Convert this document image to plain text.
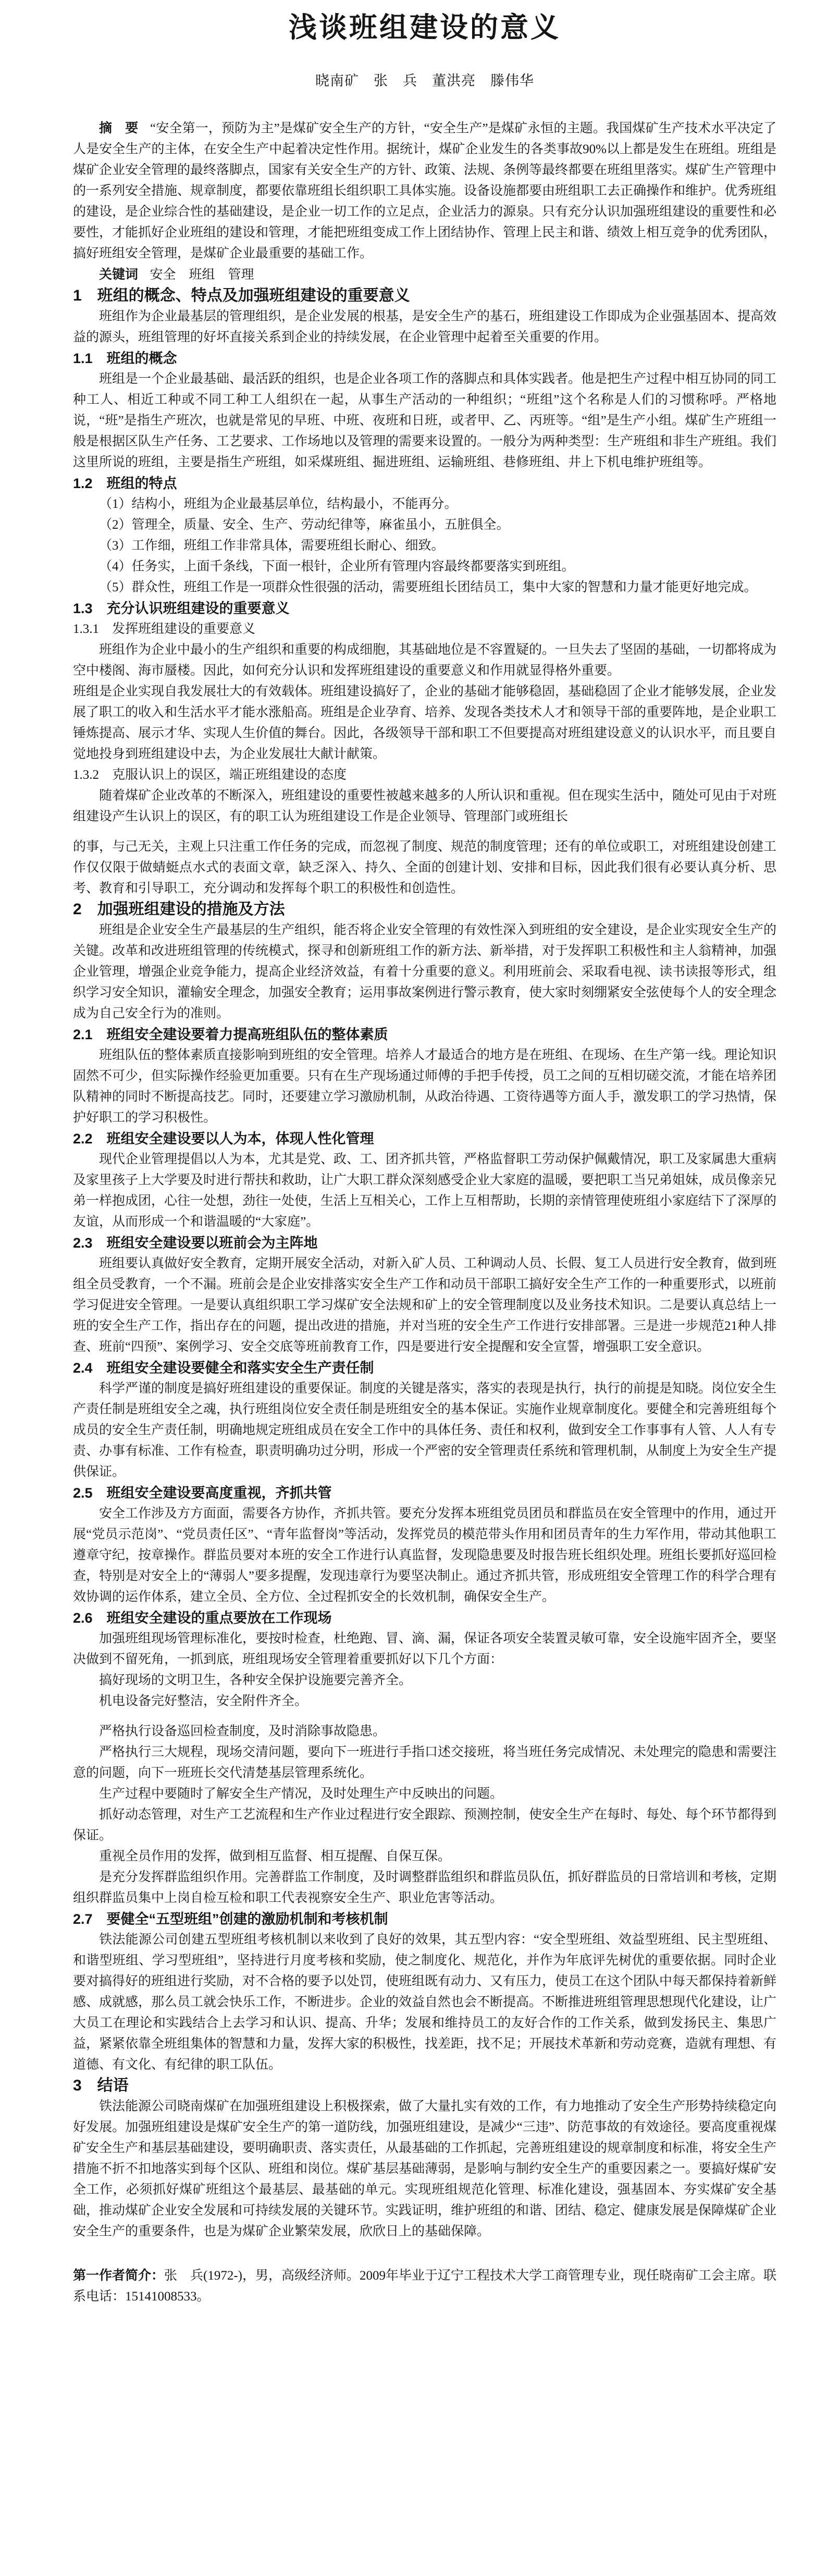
浅谈班组建设的意义
晓南矿　张　兵　董洪亮　滕伟华

摘　要 “安全第一，预防为主”是煤矿安全生产的方针，“安全生产”是煤矿永恒的主题。我国煤矿生产技术水平决定了人是安全生产的主体，在安全生产中起着决定性作用。据统计，煤矿企业发生的各类事故90%以上都是发生在班组。班组是煤矿企业安全管理的最终落脚点，国家有关安全生产的方针、政策、法规、条例等最终都要在班组里落实。煤矿生产管理中的一系列安全措施、规章制度，都要依靠班组长组织职工具体实施。设备设施都要由班组职工去正确操作和维护。优秀班组的建设，是企业综合性的基础建设，是企业一切工作的立足点，企业活力的源泉。只有充分认识加强班组建设的重要性和必要性，才能抓好企业班组的建设和管理，才能把班组变成工作上团结协作、管理上民主和谐、绩效上相互竞争的优秀团队，搞好班组安全管理，是煤矿企业最重要的基础工作。

关键词 安全　班组　管理

1　班组的概念、特点及加强班组建设的重要意义

班组作为企业最基层的管理组织，是企业发展的根基，是安全生产的基石，班组建设工作即成为企业强基固本、提高效益的源头，班组管理的好坏直接关系到企业的持续发展，在企业管理中起着至关重要的作用。

1.1　班组的概念

班组是一个企业最基础、最活跃的组织，也是企业各项工作的落脚点和具体实践者。他是把生产过程中相互协同的同工种工人、相近工种或不同工种工人组织在一起，从事生产活动的一种组织；“班组”这个名称是人们的习惯称呼。严格地说，“班”是指生产班次，也就是常见的早班、中班、夜班和日班，或者甲、乙、丙班等。“组”是生产小组。煤矿生产班组一般是根据区队生产任务、工艺要求、工作场地以及管理的需要来设置的。一般分为两种类型：生产班组和非生产班组。我们这里所说的班组，主要是指生产班组，如采煤班组、掘进班组、运输班组、巷修班组、井上下机电维护班组等。

1.2　班组的特点

（1）结构小，班组为企业最基层单位，结构最小，不能再分。

（2）管理全，质量、安全、生产、劳动纪律等，麻雀虽小，五脏俱全。

（3）工作细，班组工作非常具体，需要班组长耐心、细致。

（4）任务实，上面千条线，下面一根针，企业所有管理内容最终都要落实到班组。

（5）群众性，班组工作是一项群众性很强的活动，需要班组长团结员工，集中大家的智慧和力量才能更好地完成。

1.3　充分认识班组建设的重要意义
1.3.1　发挥班组建设的重要意义

班组作为企业中最小的生产组织和重要的构成细胞，其基础地位是不容置疑的。一旦失去了坚固的基础，一切都将成为空中楼阁、海市蜃楼。因此，如何充分认识和发挥班组建设的重要意义和作用就显得格外重要。

班组是企业实现自我发展壮大的有效载体。班组建设搞好了，企业的基础才能够稳固，基础稳固了企业才能够发展，企业发展了职工的收入和生活水平才能水涨船高。班组是企业孕育、培养、发现各类技术人才和领导干部的重要阵地，是企业职工锤炼提高、展示才华、实现人生价值的舞台。因此，各级领导干部和职工不但要提高对班组建设意义的认识水平，而且要自觉地投身到班组建设中去，为企业发展壮大献计献策。

1.3.2　克服认识上的误区，端正班组建设的态度

随着煤矿企业改革的不断深入，班组建设的重要性被越来越多的人所认识和重视。但在现实生活中，随处可见由于对班组建设产生认识上的误区，有的职工认为班组建设工作是企业领导、管理部门或班组长

的事，与己无关，主观上只注重工作任务的完成，而忽视了制度、规范的制度管理；还有的单位或职工，对班组建设创建工作仅仅限于做蜻蜓点水式的表面文章，缺乏深入、持久、全面的创建计划、安排和目标，因此我们很有必要认真分析、思考、教育和引导职工，充分调动和发挥每个职工的积极性和创造性。

2　加强班组建设的措施及方法

班组是企业安全生产最基层的生产组织，能否将企业安全管理的有效性深入到班组的安全建设，是企业实现安全生产的关键。改革和改进班组管理的传统模式，探寻和创新班组工作的新方法、新举措，对于发挥职工积极性和主人翁精神，加强企业管理，增强企业竞争能力，提高企业经济效益，有着十分重要的意义。利用班前会、采取看电视、读书读报等形式，组织学习安全知识，灌输安全理念，加强安全教育；运用事故案例进行警示教育，使大家时刻绷紧安全弦使每个人的安全理念成为自己安全行为的准则。

2.1　班组安全建设要着力提高班组队伍的整体素质

班组队伍的整体素质直接影响到班组的安全管理。培养人才最适合的地方是在班组、在现场、在生产第一线。理论知识固然不可少，但实际操作经验更加重要。只有在生产现场通过师傅的手把手传授，员工之间的互相切磋交流，才能在培养团队精神的同时不断提高技艺。同时，还要建立学习激励机制，从政治待遇、工资待遇等方面人手，激发职工的学习热情，保护好职工的学习积极性。

2.2　班组安全建设要以人为本，体现人性化管理

现代企业管理提倡以人为本，尤其是党、政、工、团齐抓共管，严格监督职工劳动保护佩戴情况，职工及家属患大重病及家里孩子上大学要及时进行帮扶和救助，让广大职工群众深刻感受企业大家庭的温暖，要把职工当兄弟姐妹，成员像亲兄弟一样抱成团，心往一处想，劲往一处使，生活上互相关心，工作上互相帮助，长期的亲情管理使班组小家庭结下了深厚的友谊，从而形成一个和谐温暖的“大家庭”。

2.3　班组安全建设要以班前会为主阵地

班组要认真做好安全教育，定期开展安全活动，对新入矿人员、工种调动人员、长假、复工人员进行安全教育，做到班组全员受教育，一个不漏。班前会是企业安排落实安全生产工作和动员干部职工搞好安全生产工作的一种重要形式，以班前学习促进安全管理。一是要认真组织职工学习煤矿安全法规和矿上的安全管理制度以及业务技术知识。二是要认真总结上一班的安全生产工作，指出存在的问题，提出改进的措施，并对当班的安全生产工作进行安排部署。三是进一步规范21种人排查、班前“四预”、案例学习、安全交底等班前教育工作，四是要进行安全提醒和安全宣誓，增强职工安全意识。

2.4　班组安全建设要健全和落实安全生产责任制

科学严谨的制度是搞好班组建设的重要保证。制度的关键是落实，落实的表现是执行，执行的前提是知晓。岗位安全生产责任制是班组安全之魂，执行班组岗位安全责任制是班组安全的基本保证。实施作业规章制度化。要健全和完善班组每个成员的安全生产责任制，明确地规定班组成员在安全工作中的具体任务、责任和权利，做到安全工作事事有人管、人人有专责、办事有标准、工作有检查，职责明确功过分明，形成一个严密的安全管理责任系统和管理机制，从制度上为安全生产提供保证。

2.5　班组安全建设要高度重视，齐抓共管

安全工作涉及方方面面，需要各方协作，齐抓共管。要充分发挥本班组党员团员和群监员在安全管理中的作用，通过开展“党员示范岗”、“党员责任区”、“青年监督岗”等活动，发挥党员的模范带头作用和团员青年的生力军作用，带动其他职工遵章守纪，按章操作。群监员要对本班的安全工作进行认真监督，发现隐患要及时报告班长组织处理。班组长要抓好巡回检查，特别是对安全上的“薄弱人”要多提醒，发现违章行为要坚决制止。通过齐抓共管，形成班组安全管理工作的科学合理有效协调的运作体系，建立全员、全方位、全过程抓安全的长效机制，确保安全生产。

2.6　班组安全建设的重点要放在工作现场

加强班组现场管理标准化，要按时检查，杜绝跑、冒、滴、漏，保证各项安全装置灵敏可靠，安全设施牢固齐全，要坚决做到不留死角，一抓到底，班组现场安全管理着重要抓好以下几个方面：

搞好现场的文明卫生，各种安全保护设施要完善齐全。

机电设备完好整洁，安全附件齐全。

严格执行设备巡回检查制度，及时消除事故隐患。

严格执行三大规程，现场交清问题，要向下一班进行手指口述交接班，将当班任务完成情况、未处理完的隐患和需要注意的问题，向下一班班长交代清楚基层管理系统化。

生产过程中要随时了解安全生产情况，及时处理生产中反映出的问题。

抓好动态管理，对生产工艺流程和生产作业过程进行安全跟踪、预测控制，使安全生产在每时、每处、每个环节都得到保证。

重视全员作用的发挥，做到相互监督、相互提醒、自保互保。

是充分发挥群监组织作用。完善群监工作制度，及时调整群监组织和群监员队伍，抓好群监员的日常培训和考核，定期组织群监员集中上岗自检互检和职工代表视察安全生产、职业危害等活动。

2.7　要健全“五型班组”创建的激励机制和考核机制

铁法能源公司创建五型班组考核机制以来收到了良好的效果，其五型内容：“安全型班组、效益型班组、民主型班组、和谐型班组、学习型班组”，坚持进行月度考核和奖励，使之制度化、规范化，并作为年底评先树优的重要依据。同时企业要对搞得好的班组进行奖励，对不合格的要予以处罚，使班组既有动力、又有压力，使员工在这个团队中每天都保持着新鲜感、成就感，那么员工就会快乐工作，不断进步。企业的效益自然也会不断提高。不断推进班组管理思想现代化建设，让广大员工在理论和实践结合上去学习和认识、提高、升华；发展和维持员工的友好合作的工作关系，做到发扬民主、集思广益，紧紧依靠全班组集体的智慧和力量，发挥大家的积极性，找差距，找不足；开展技术革新和劳动竞赛，造就有理想、有道德、有文化、有纪律的职工队伍。

3　结语

铁法能源公司晓南煤矿在加强班组建设上积极探索，做了大量扎实有效的工作，有力地推动了安全生产形势持续稳定向好发展。加强班组建设是煤矿安全生产的第一道防线，加强班组建设，是减少“三违”、防范事故的有效途径。要高度重视煤矿安全生产和基层基础建设，要明确职责、落实责任，从最基础的工作抓起，完善班组建设的规章制度和标准，将安全生产措施不折不扣地落实到每个区队、班组和岗位。煤矿基层基础薄弱，是影响与制约安全生产的重要因素之一。要搞好煤矿安全工作，必须抓好煤矿班组这个最基层、最基础的单元。实现班组规范化管理、标准化建设，强基固本、夯实煤矿安全基础，推动煤矿企业安全发展和可持续发展的关键环节。实践证明，维护班组的和谐、团结、稳定、健康发展是保障煤矿企业安全生产的重要条件，也是为煤矿企业繁荣发展，欣欣日上的基础保障。

第一作者简介：张　兵(1972-)，男，高级经济师。2009年毕业于辽宁工程技术大学工商管理专业，现任晓南矿工会主席。联系电话：15141008533。
